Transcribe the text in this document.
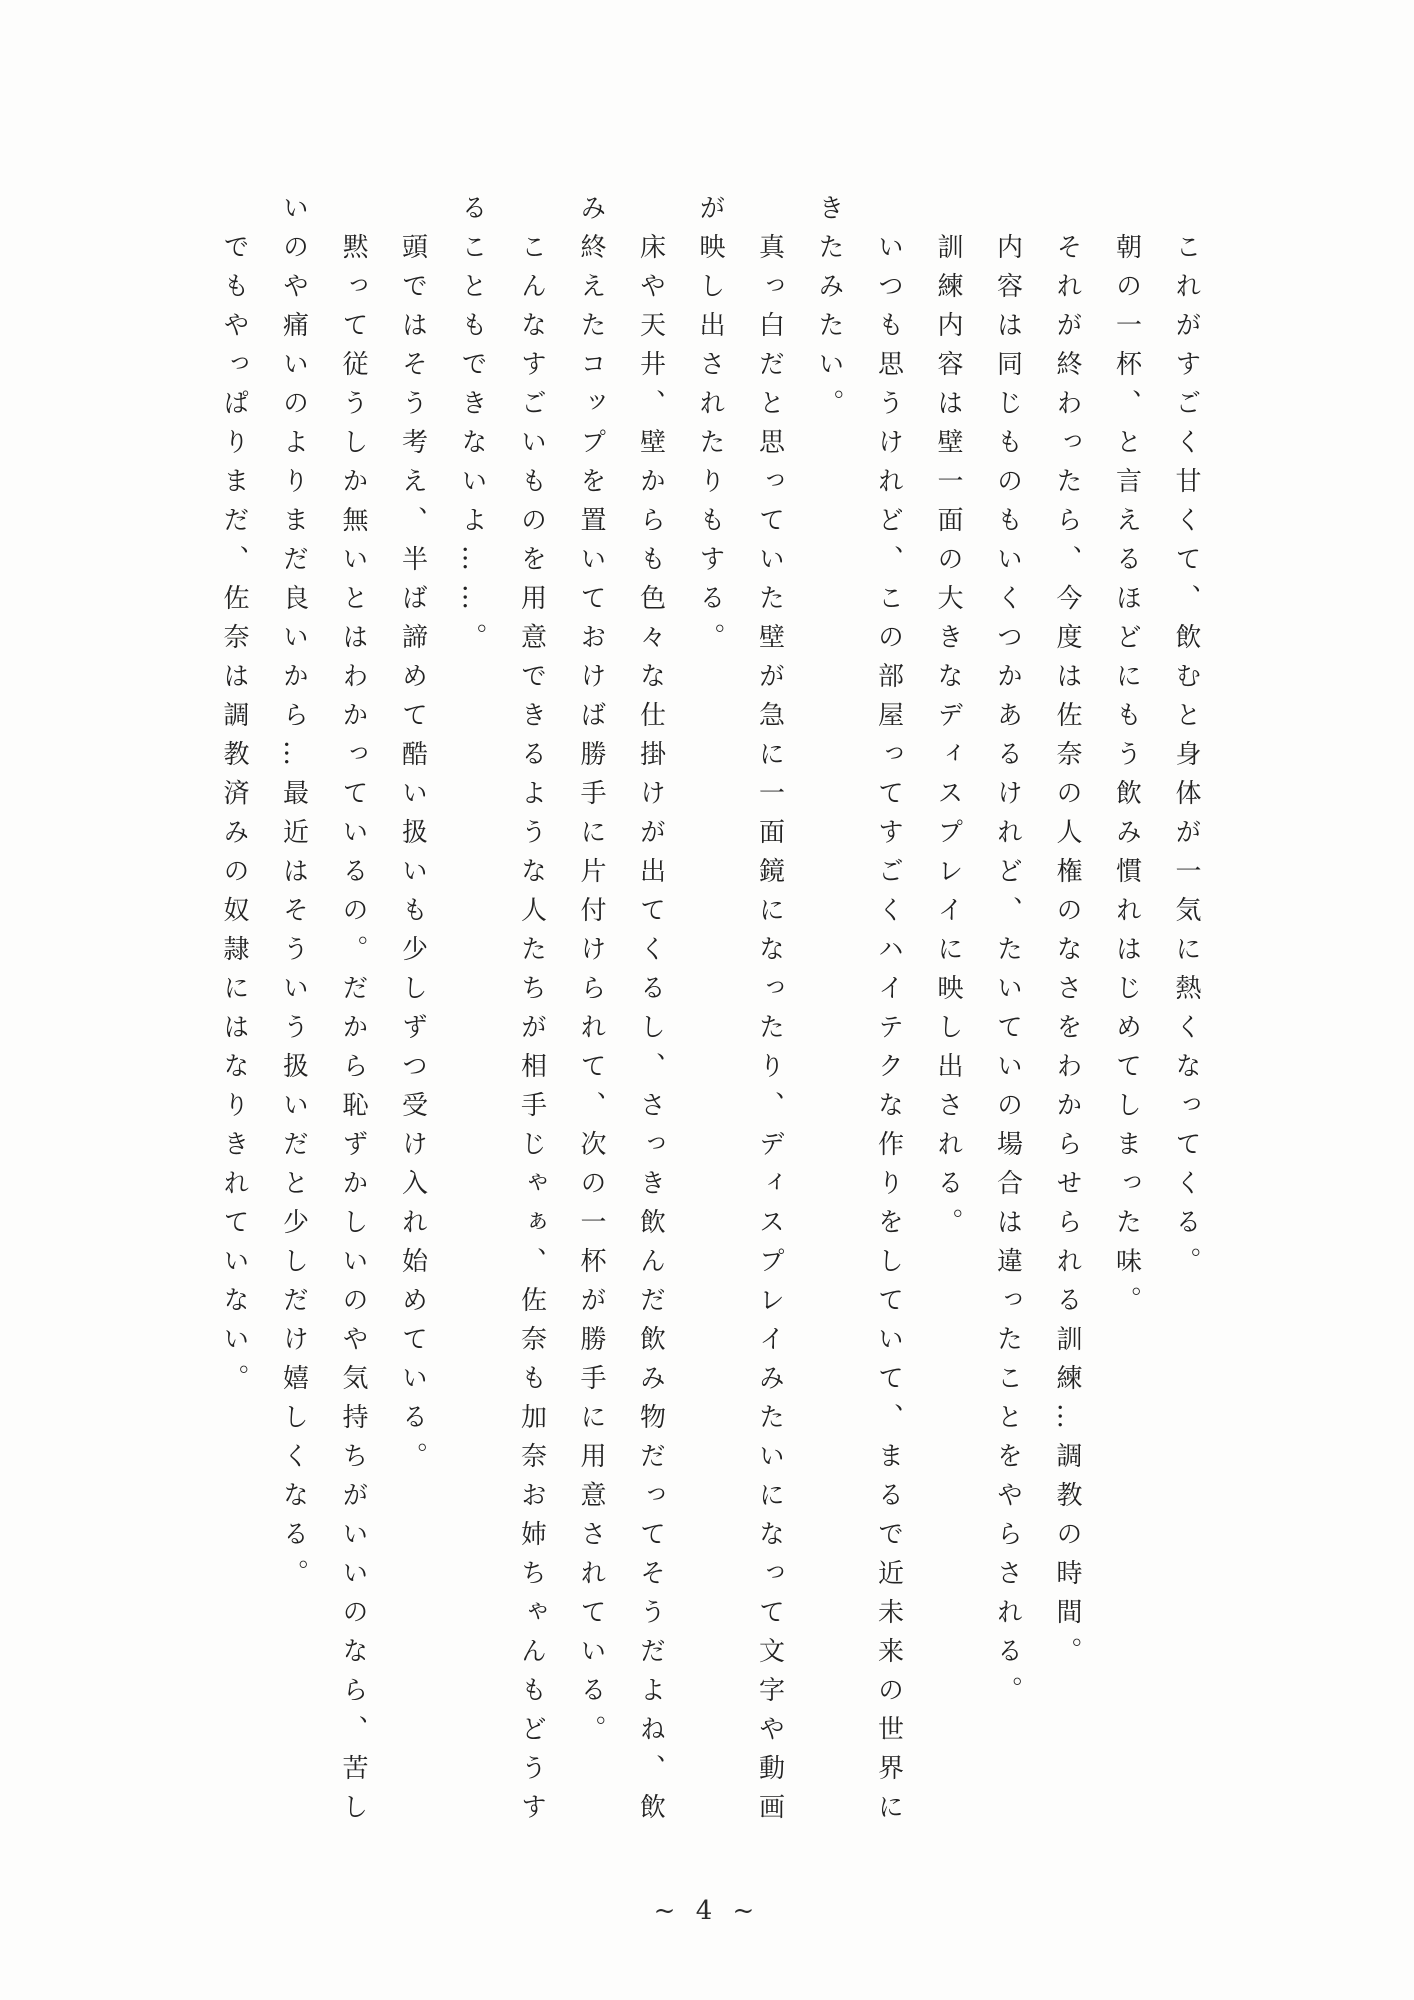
これがすごく甘くて、飲むと身体が一気に熱くなってくる。
朝の一杯、と言えるほどにもう飲み慣れはじめてしまった味。
それが終わったら、今度は佐奈の人権のなさをわからせられる訓練…調教の時間。
内容は同じものもいくつかあるけれど、たいていの場合は違ったことをやらされる。
訓練内容は壁一面の大きなディスプレイに映し出される。
いつも思うけれど、この部屋ってすごくハイテクな作りをしていて、まるで近未来の世界に
きたみたい。
真っ白だと思っていた壁が急に一面鏡になったり、ディスプレイみたいになって文字や動画
が映し出されたりもする。
床や天井、壁からも色々な仕掛けが出てくるし、さっき飲んだ飲み物だってそうだよね、飲
み終えたコップを置いておけば勝手に片付けられて、次の一杯が勝手に用意されている。
こんなすごいものを用意できるような人たちが相手じゃぁ、佐奈も加奈お姉ちゃんもどうす
ることもできないよ……。
頭ではそう考え、半ば諦めて酷い扱いも少しずつ受け入れ始めている。
黙って従うしか無いとはわかっているの。だから恥ずかしいのや気持ちがいいのなら、苦し
いのや痛いのよりまだ良いから…最近はそういう扱いだと少しだけ嬉しくなる。
でもやっぱりまだ、佐奈は調教済みの奴隷にはなりきれていない。
~ 4 ~
